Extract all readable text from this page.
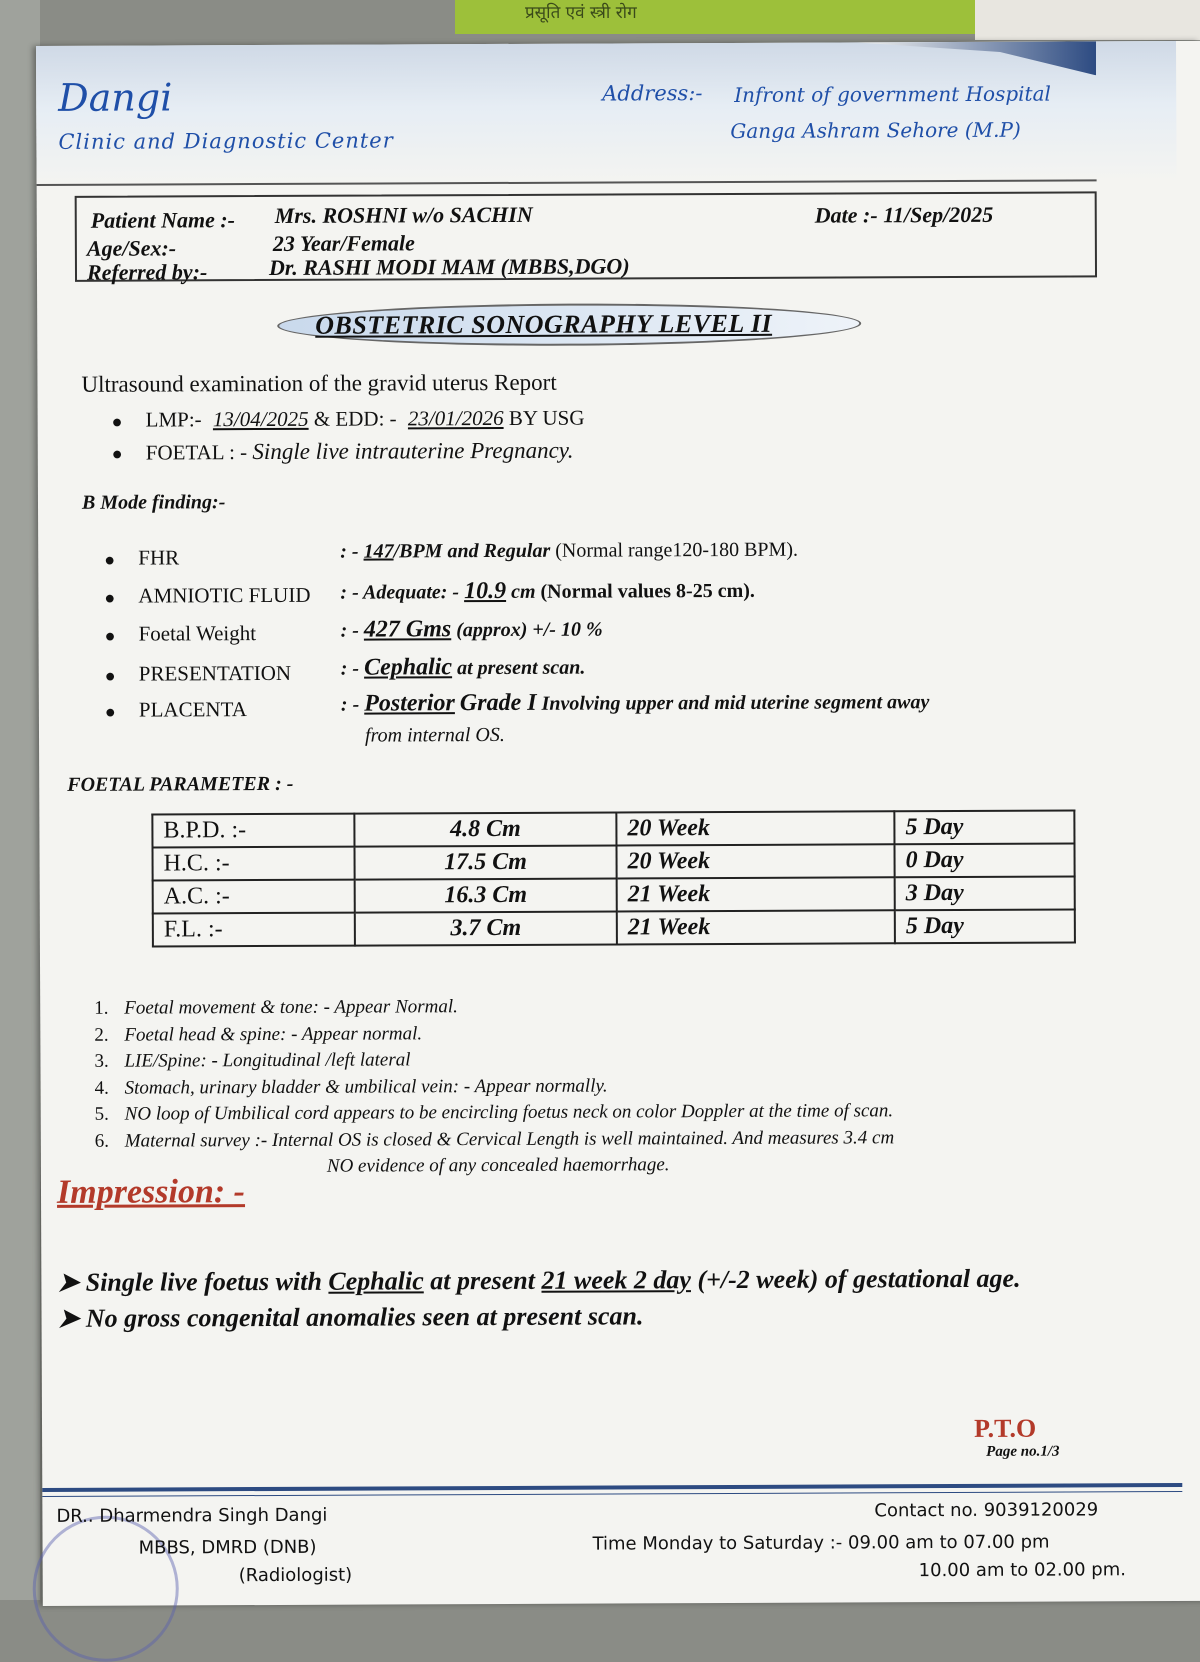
प्रसूति एवं स्त्री रोग
Dangi
Clinic and Diagnostic Center
Address:- Infront of government Hospital
Ganga Ashram Sehore (M.P)
Patient Name :- Mrs. ROSHNI w/o SACHIN
Age/Sex:-	23 Year/Female
Referred by:-	Dr. RASHI MODI MAM (MBBS,DGO)
Date :- 11/Sep/2025
OBSTETRIC SONOGRAPHY LEVEL II
Ultrasound examination of the gravid uterus Report
● LMP:- 13/04/2025 & EDD: - 23/01/2026 BY USG
● FOETAL : - Single live intrauterine Pregnancy.
B Mode finding:-
● FHR	: - 147/BPM and Regular (Normal range120-180 BPM).
● AMNIOTIC FLUID : - Adequate: - 10.9 cm (Normal values 8-25 cm).
● Foetal Weight	: - 427 Gms (approx) +/- 10 %
● PRESENTATION : - Cephalic at present scan.
● PLACENTA	: - Posterior Grade I Involving upper and mid uterine segment away
from internal OS.
FOETAL PARAMETER : -
B.P.D. :-	4.8 Cm	20 Week	5 Day
H.C. :-	17.5 Cm	20 Week	0 Day
A.C. :-	16.3 Cm	21 Week	3 Day
F.L. :-	3.7 Cm	21 Week	5 Day
1. Foetal movement & tone: - Appear Normal.
2. Foetal head & spine: - Appear normal.
3. LIE/Spine: - Longitudinal /left lateral
4. Stomach, urinary bladder & umbilical vein: - Appear normally.
5. NO loop of Umbilical cord appears to be encircling foetus neck on color Doppler at the time of scan.
6. Maternal survey :- Internal OS is closed & Cervical Length is well maintained. And measures 3.4 cm
NO evidence of any concealed haemorrhage.
Impression: -
➤ Single live foetus with Cephalic at present 21 week 2 day (+/-2 week) of gestational age.
➤ No gross congenital anomalies seen at present scan.
P.T.O
Page no.1/3
DR.. Dharmendra Singh Dangi
MBBS, DMRD (DNB)
(Radiologist)
Contact no. 9039120029
Time Monday to Saturday :- 09.00 am to 07.00 pm
10.00 am to 02.00 pm.
